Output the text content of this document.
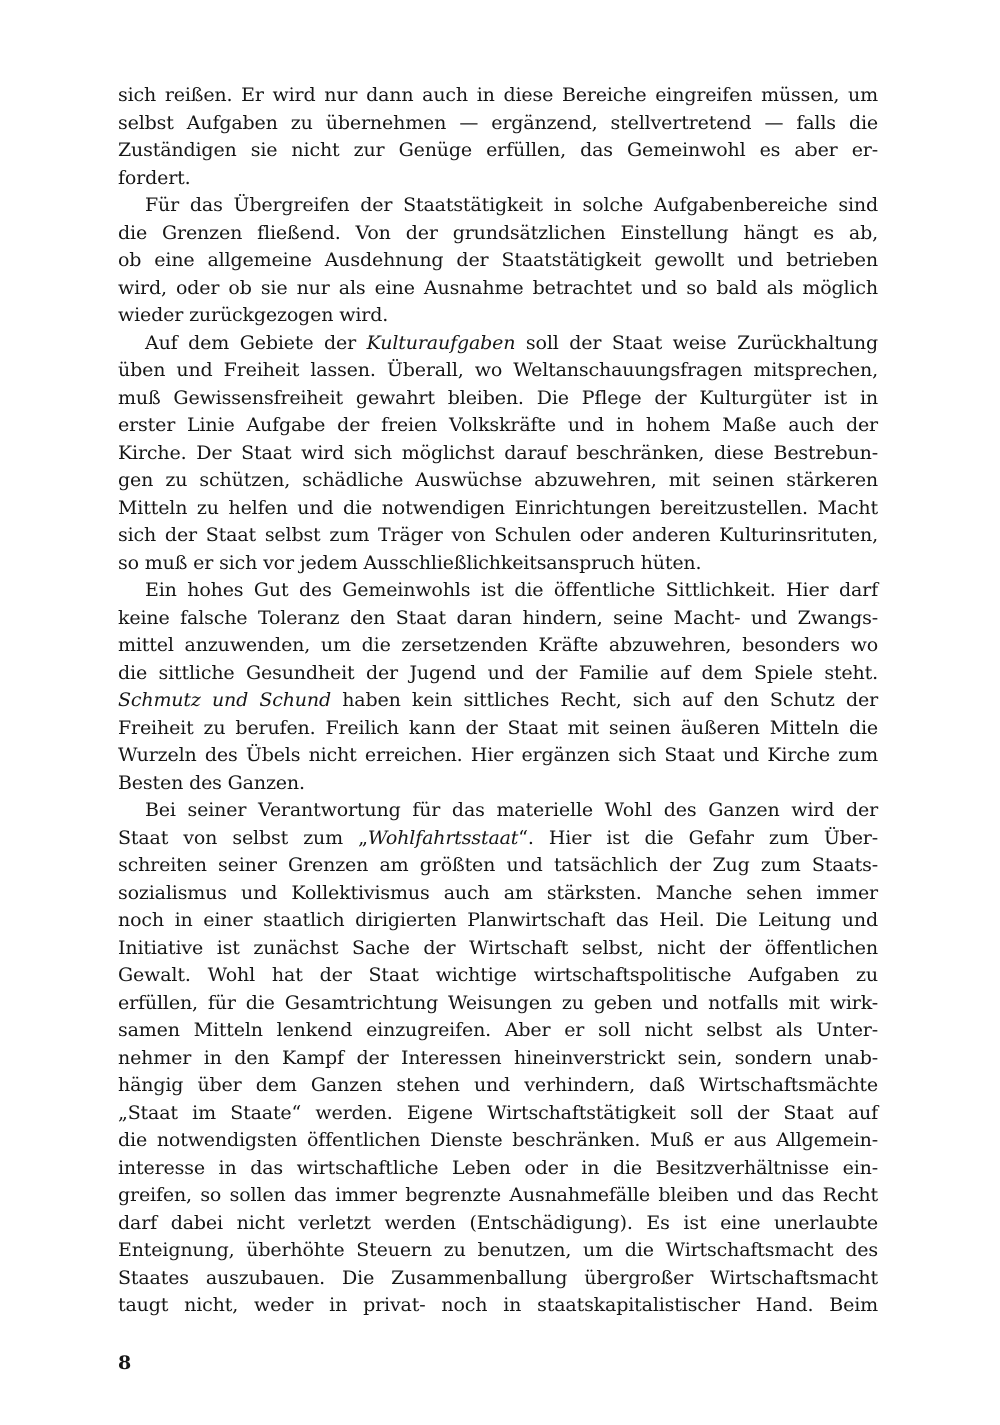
sich reißen. Er wird nur dann auch in diese Bereiche eingreifen müssen, um
selbst Aufgaben zu übernehmen — ergänzend, stellvertretend — falls die
Zuständigen sie nicht zur Genüge erfüllen, das Gemeinwohl es aber er-
fordert.
Für das Übergreifen der Staatstätigkeit in solche Aufgabenbereiche sind
die Grenzen fließend. Von der grundsätzlichen Einstellung hängt es ab,
ob eine allgemeine Ausdehnung der Staatstätigkeit gewollt und betrieben
wird, oder ob sie nur als eine Ausnahme betrachtet und so bald als möglich
wieder zurückgezogen wird.
Auf dem Gebiete der Kulturaufgaben soll der Staat weise Zurückhaltung
üben und Freiheit lassen. Überall, wo Weltanschauungsfragen mitsprechen,
muß Gewissensfreiheit gewahrt bleiben. Die Pflege der Kulturgüter ist in
erster Linie Aufgabe der freien Volkskräfte und in hohem Maße auch der
Kirche. Der Staat wird sich möglichst darauf beschränken, diese Bestrebun-
gen zu schützen, schädliche Auswüchse abzuwehren, mit seinen stärkeren
Mitteln zu helfen und die notwendigen Einrichtungen bereitzustellen. Macht
sich der Staat selbst zum Träger von Schulen oder anderen Kulturinsrituten,
so muß er sich vor jedem Ausschließlichkeitsanspruch hüten.
Ein hohes Gut des Gemeinwohls ist die öffentliche Sittlichkeit. Hier darf
keine falsche Toleranz den Staat daran hindern, seine Macht- und Zwangs-
mittel anzuwenden, um die zersetzenden Kräfte abzuwehren, besonders wo
die sittliche Gesundheit der Jugend und der Familie auf dem Spiele steht.
Schmutz und Schund haben kein sittliches Recht, sich auf den Schutz der
Freiheit zu berufen. Freilich kann der Staat mit seinen äußeren Mitteln die
Wurzeln des Übels nicht erreichen. Hier ergänzen sich Staat und Kirche zum
Besten des Ganzen.
Bei seiner Verantwortung für das materielle Wohl des Ganzen wird der
Staat von selbst zum „Wohlfahrtsstaat“. Hier ist die Gefahr zum Über-
schreiten seiner Grenzen am größten und tatsächlich der Zug zum Staats-
sozialismus und Kollektivismus auch am stärksten. Manche sehen immer
noch in einer staatlich dirigierten Planwirtschaft das Heil. Die Leitung und
Initiative ist zunächst Sache der Wirtschaft selbst, nicht der öffentlichen
Gewalt. Wohl hat der Staat wichtige wirtschaftspolitische Aufgaben zu
erfüllen, für die Gesamtrichtung Weisungen zu geben und notfalls mit wirk-
samen Mitteln lenkend einzugreifen. Aber er soll nicht selbst als Unter-
nehmer in den Kampf der Interessen hineinverstrickt sein, sondern unab-
hängig über dem Ganzen stehen und verhindern, daß Wirtschaftsmächte
„Staat im Staate“ werden. Eigene Wirtschaftstätigkeit soll der Staat auf
die notwendigsten öffentlichen Dienste beschränken. Muß er aus Allgemein-
interesse in das wirtschaftliche Leben oder in die Besitzverhältnisse ein-
greifen, so sollen das immer begrenzte Ausnahmefälle bleiben und das Recht
darf dabei nicht verletzt werden (Entschädigung). Es ist eine unerlaubte
Enteignung, überhöhte Steuern zu benutzen, um die Wirtschaftsmacht des
Staates auszubauen. Die Zusammenballung übergroßer Wirtschaftsmacht
taugt nicht, weder in privat- noch in staatskapitalistischer Hand. Beim
8
